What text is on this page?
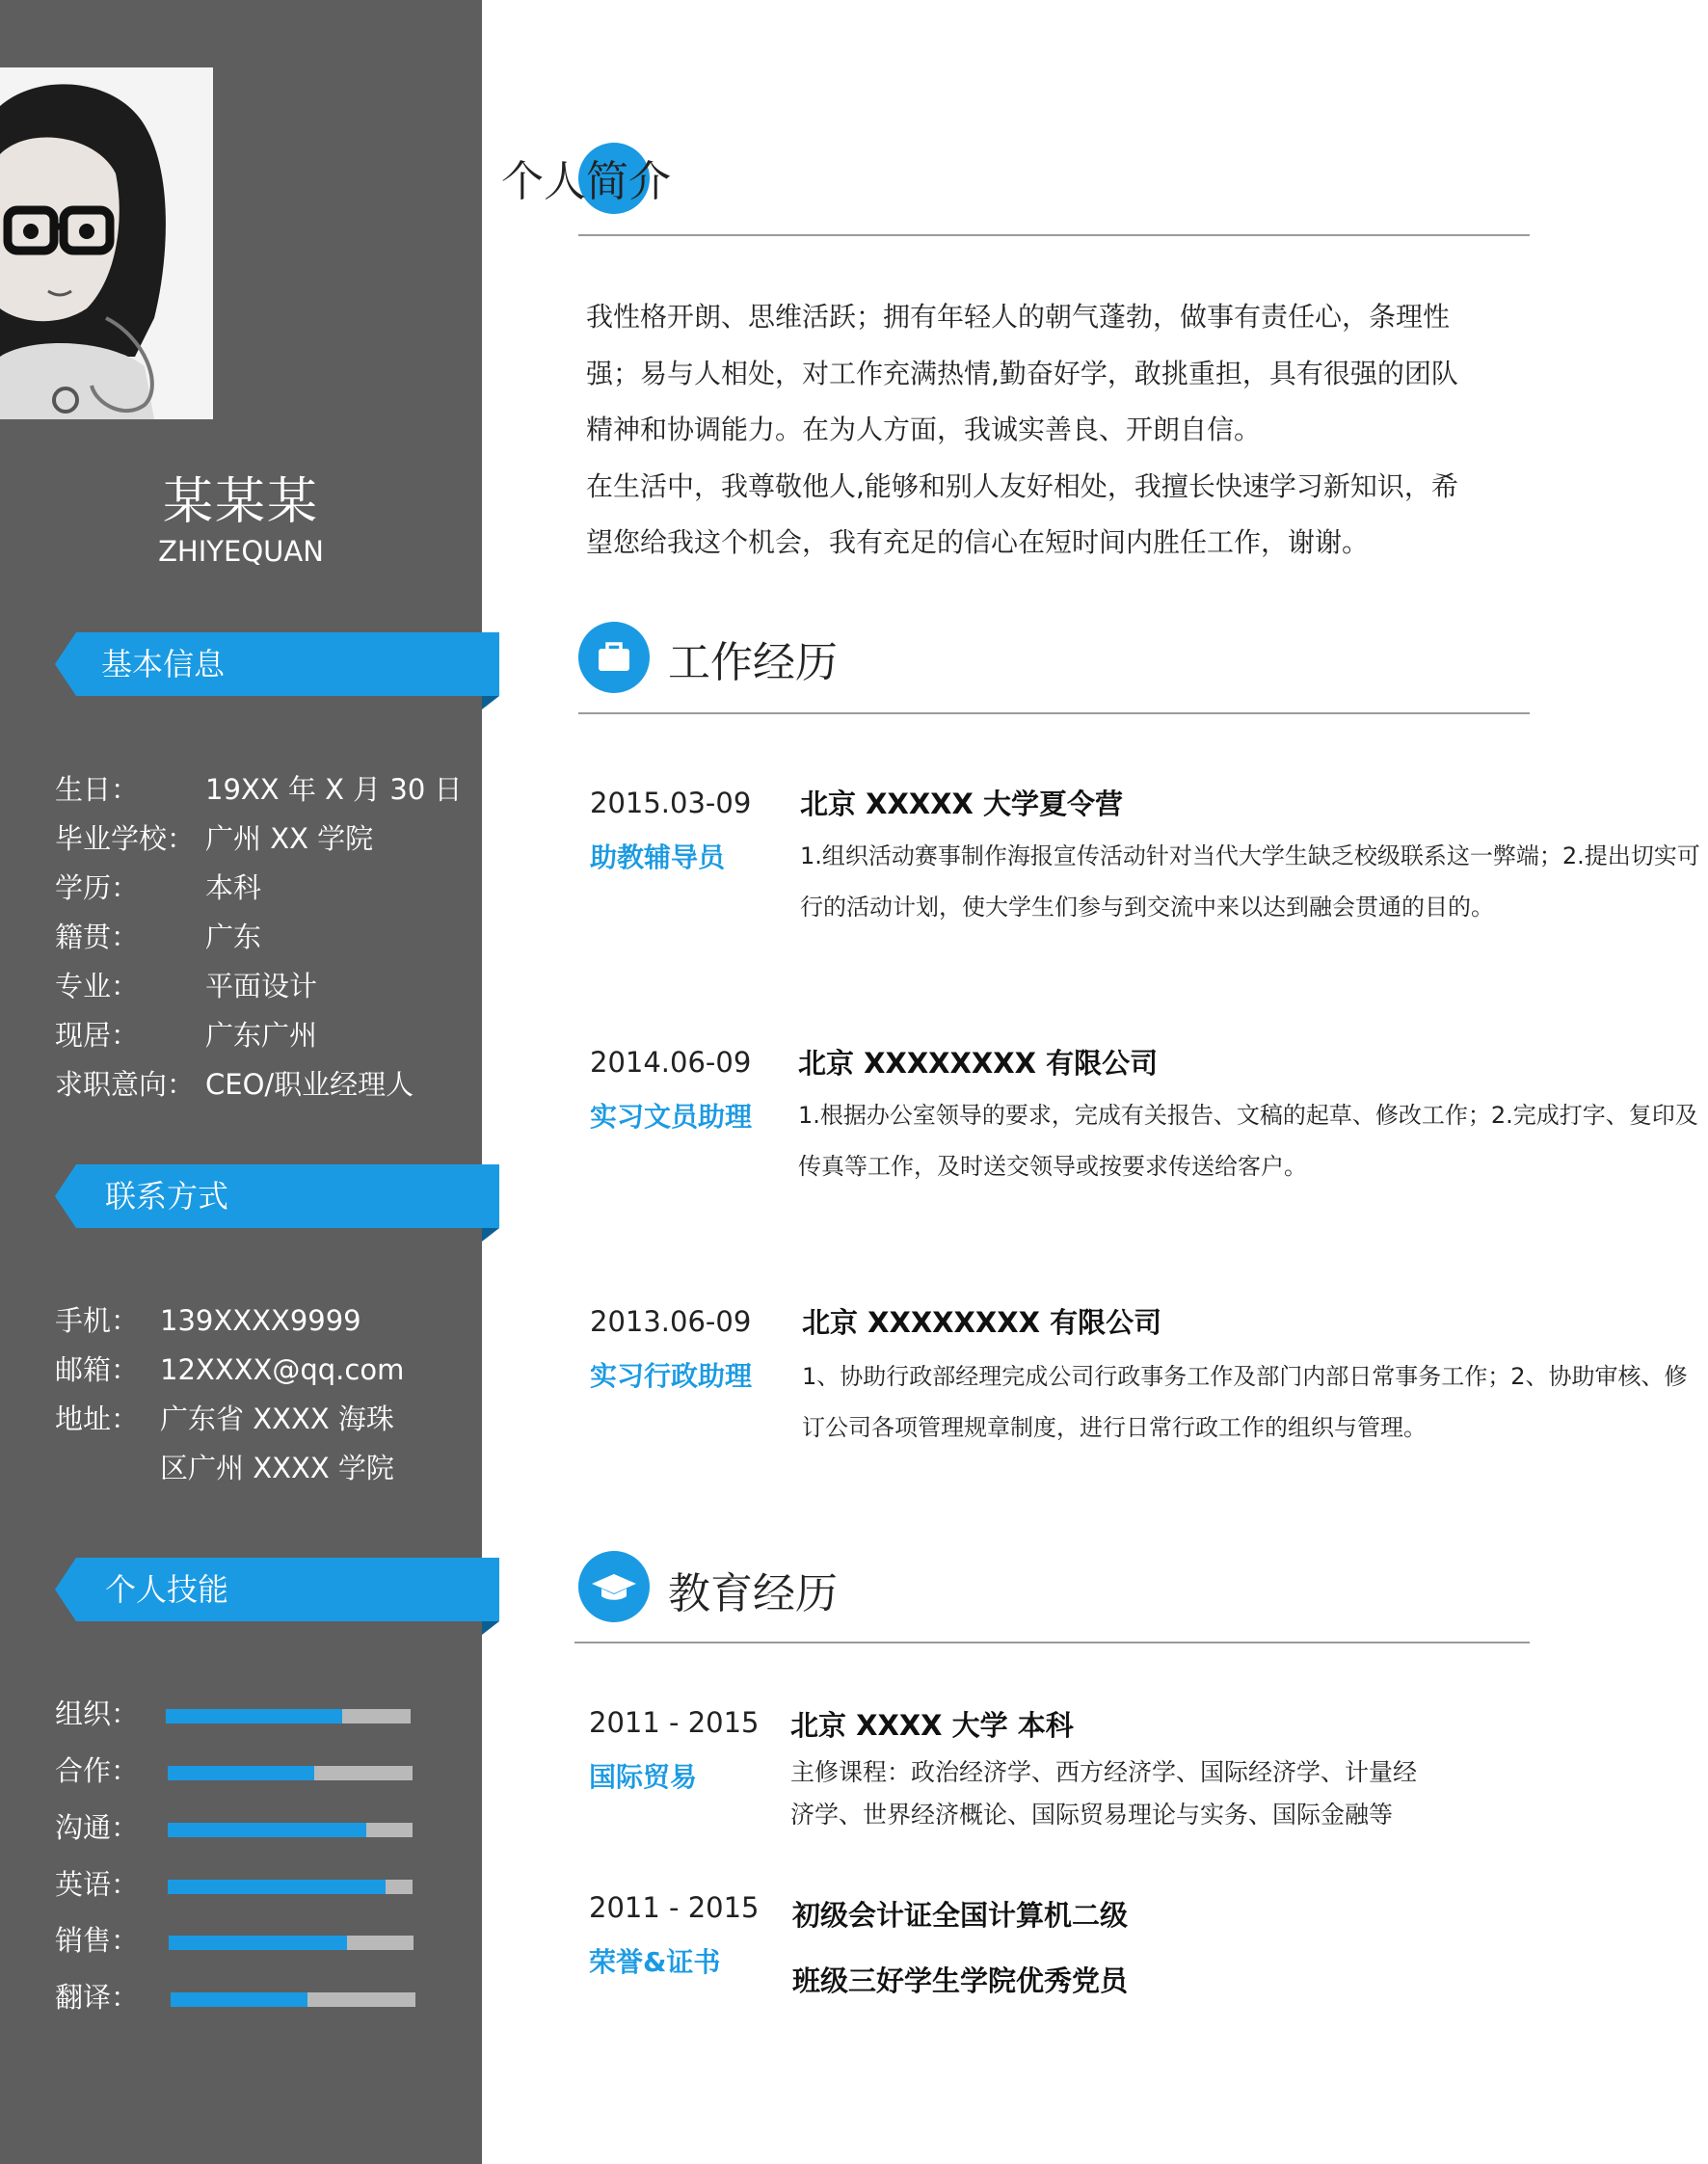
某某某
ZHIYEQUAN
基本信息
生日： 19XX 年 X 月 30 日
毕业学校： 广州 XX 学院
学历： 本科
籍贯： 广东
专业： 平面设计
现居： 广东广州
求职意向： CEO/职业经理人
联系方式
手机： 139XXXX9999
邮箱： 12XXXX@qq.com
地址： 广东省 XXXX 海珠
区广州 XXXX 学院
个人技能
组织：
合作：
沟通：
英语：
销售：
翻译：
个人简介

我性格开朗、思维活跃；拥有年轻人的朝气蓬勃，做事有责任心，条理性强；易与人相处，对工作充满热情,勤奋好学，敢挑重担，具有很强的团队精神和协调能力。在为人方面，我诚实善良、开朗自信。

在生活中，我尊敬他人,能够和别人友好相处，我擅长快速学习新知识，希望您给我这个机会，我有充足的信心在短时间内胜任工作，谢谢。

工作经历
2015.03-09
助教辅导员
北京 XXXXX 大学夏令营
1.组织活动赛事制作海报宣传活动针对当代大学生缺乏校级联系这一弊端；2.提出切实可行的活动计划，使大学生们参与到交流中来以达到融会贯通的目的。
2014.06-09
实习文员助理
北京 XXXXXXXX 有限公司
1.根据办公室领导的要求，完成有关报告、文稿的起草、修改工作；2.完成打字、复印及传真等工作，及时送交领导或按要求传送给客户。
2013.06-09
实习行政助理
北京 XXXXXXXX 有限公司
1、协助行政部经理完成公司行政事务工作及部门内部日常事务工作；2、协助审核、修订公司各项管理规章制度，进行日常行政工作的组织与管理。
教育经历
2011 - 2015
国际贸易
北京 XXXX 大学 本科
主修课程：政治经济学、西方经济学、国际经济学、计量经济学、世界经济概论、国际贸易理论与实务、国际金融等
2011 - 2015
荣誉&证书
初级会计证全国计算机二级
班级三好学生学院优秀党员
